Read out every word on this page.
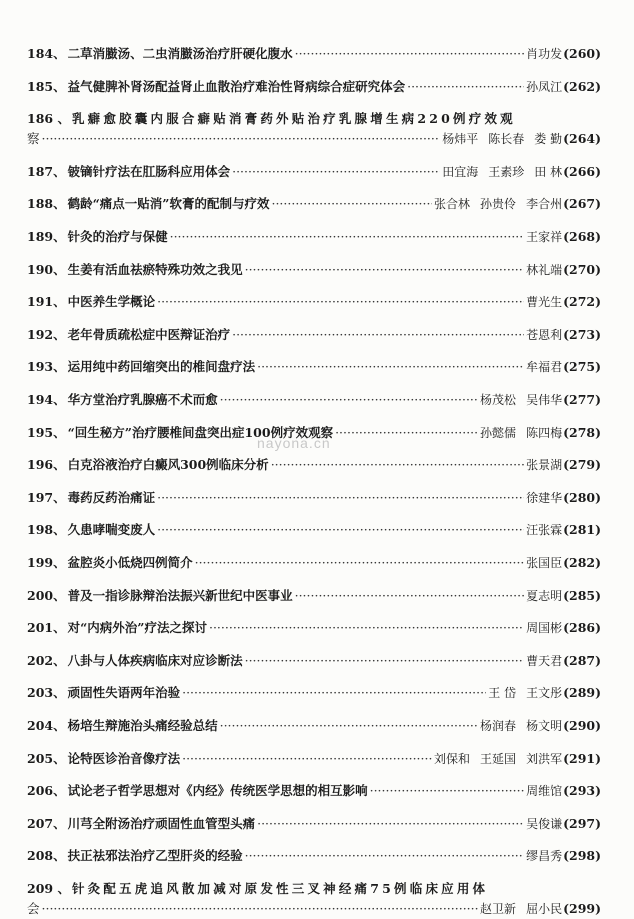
184、 二草消臌汤、二虫消臌汤治疗肝硬化腹水 ·····	肖功发 (260)
185、 益气健脾补肾汤配益肾止血散治疗难治性肾病综合症研究体会 ·····	孙凤江 (262)
186 、 乳癖愈胶囊内服合癖贴消膏药外贴治疗乳腺增生病220例疗效观
察 ·····	杨炜平 陈长春 娄 勤 (264)
187、 铍镝针疗法在肛肠科应用体会 ·····	田宜海 王素珍 田 林 (266)
188、 鹤龄“痛点一贴消”软膏的配制与疗效 ·····	张合林 孙贵伶 李合州 (267)
189、 针灸的治疗与保健 ·····	王家祥 (268)
190、 生姜有活血祛瘀特殊功效之我见 ·····	林礼端 (270)
191、 中医养生学概论 ·····	曹光生 (272)
192、 老年骨质疏松症中医辩证治疗 ·····	苍恩利 (273)
193、 运用纯中药回缩突出的椎间盘疗法 ·····	牟福君 (275)
194、 华方堂治疗乳腺癌不术而愈 ·····	杨茂松 吴伟华 (277)
195、 “回生秘方”治疗腰椎间盘突出症100例疗效观察 ·····	孙懿儒 陈四梅 (278)
196、 白克浴液治疗白癜风300例临床分析 ·····	张景湖 (279)
197、 毒药反药治痛证 ·····	徐建华 (280)
198、 久患哮喘变废人 ·····	汪张霖 (281)
199、 盆腔炎小低烧四例简介 ·····	张国臣 (282)
200、 普及一指诊脉辩治法振兴新世纪中医事业 ·····	夏志明 (285)
201、 对“内病外治”疗法之探讨 ·····	周国彬 (286)
202、 八卦与人体疾病临床对应诊断法 ·····	曹天君 (287)
203、 顽固性失语两年治验 ·····	王 岱 王文彤 (289)
204、 杨培生辩施治头痛经验总结 ·····	杨润春 杨文明 (290)
205、 论特医诊治音像疗法 ·····	刘保和 王延国 刘洪军 (291)
206、 试论老子哲学思想对《内经》传统医学思想的相互影响 ·····	周维馆 (293)
207、 川芎全附汤治疗顽固性血管型头痛 ·····	吴俊谦 (297)
208、 扶正祛邪法治疗乙型肝炎的经验 ·····	缪昌秀 (298)
209 、 针灸配五虎追风散加减对原发性三叉神经痛75例临床应用体
会 ·····	赵卫新 屈小民 (299)
nayona.cn
